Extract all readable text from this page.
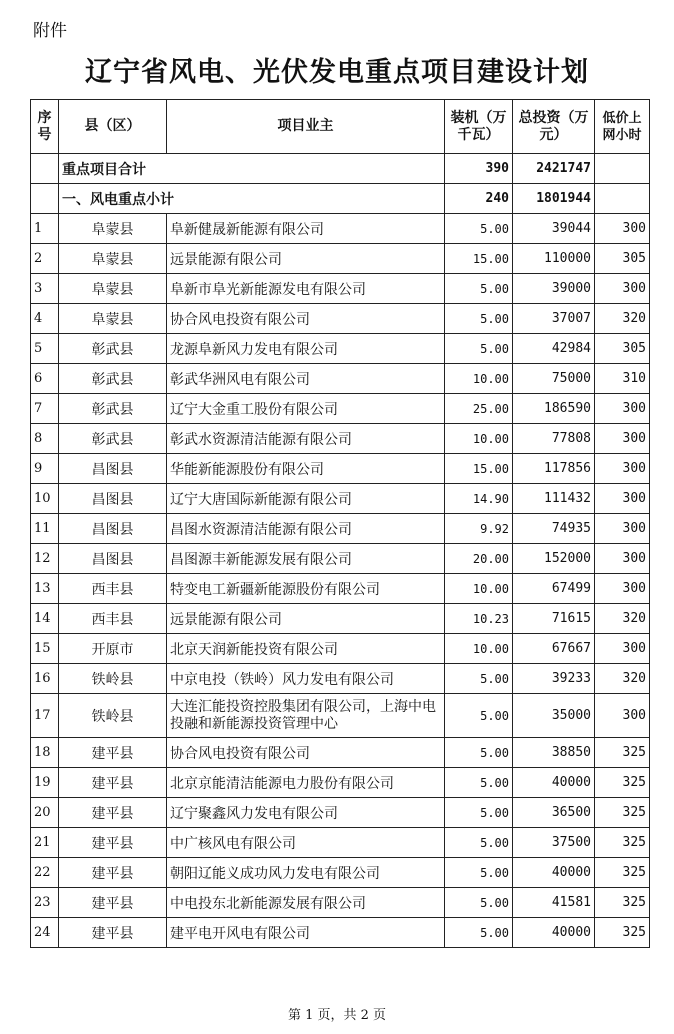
附件
辽宁省风电、光伏发电重点项目建设计划
序号	县（区）	项目业主	装机（万千瓦）	总投资（万元）	低价上网小时
	重点项目合计		390	2421747	
	一、风电重点小计		240	1801944	
1	阜蒙县	阜新健晟新能源有限公司	5.00	39044	300
2	阜蒙县	远景能源有限公司	15.00	110000	305
3	阜蒙县	阜新市阜光新能源发电有限公司	5.00	39000	300
4	阜蒙县	协合风电投资有限公司	5.00	37007	320
5	彰武县	龙源阜新风力发电有限公司	5.00	42984	305
6	彰武县	彰武华洲风电有限公司	10.00	75000	310
7	彰武县	辽宁大金重工股份有限公司	25.00	186590	300
8	彰武县	彰武水资源清洁能源有限公司	10.00	77808	300
9	昌图县	华能新能源股份有限公司	15.00	117856	300
10	昌图县	辽宁大唐国际新能源有限公司	14.90	111432	300
11	昌图县	昌图水资源清洁能源有限公司	9.92	74935	300
12	昌图县	昌图源丰新能源发展有限公司	20.00	152000	300
13	西丰县	特变电工新疆新能源股份有限公司	10.00	67499	300
14	西丰县	远景能源有限公司	10.23	71615	320
15	开原市	北京天润新能投资有限公司	10.00	67667	300
16	铁岭县	中京电投（铁岭）风力发电有限公司	5.00	39233	320
17	铁岭县	大连汇能投资控股集团有限公司，上海中电投融和新能源投资管理中心	5.00	35000	300
18	建平县	协合风电投资有限公司	5.00	38850	325
19	建平县	北京京能清洁能源电力股份有限公司	5.00	40000	325
20	建平县	辽宁聚鑫风力发电有限公司	5.00	36500	325
21	建平县	中广核风电有限公司	5.00	37500	325
22	建平县	朝阳辽能义成功风力发电有限公司	5.00	40000	325
23	建平县	中电投东北新能源发展有限公司	5.00	41581	325
24	建平县	建平电开风电有限公司	5.00	40000	325
第 1 页，共 2 页
